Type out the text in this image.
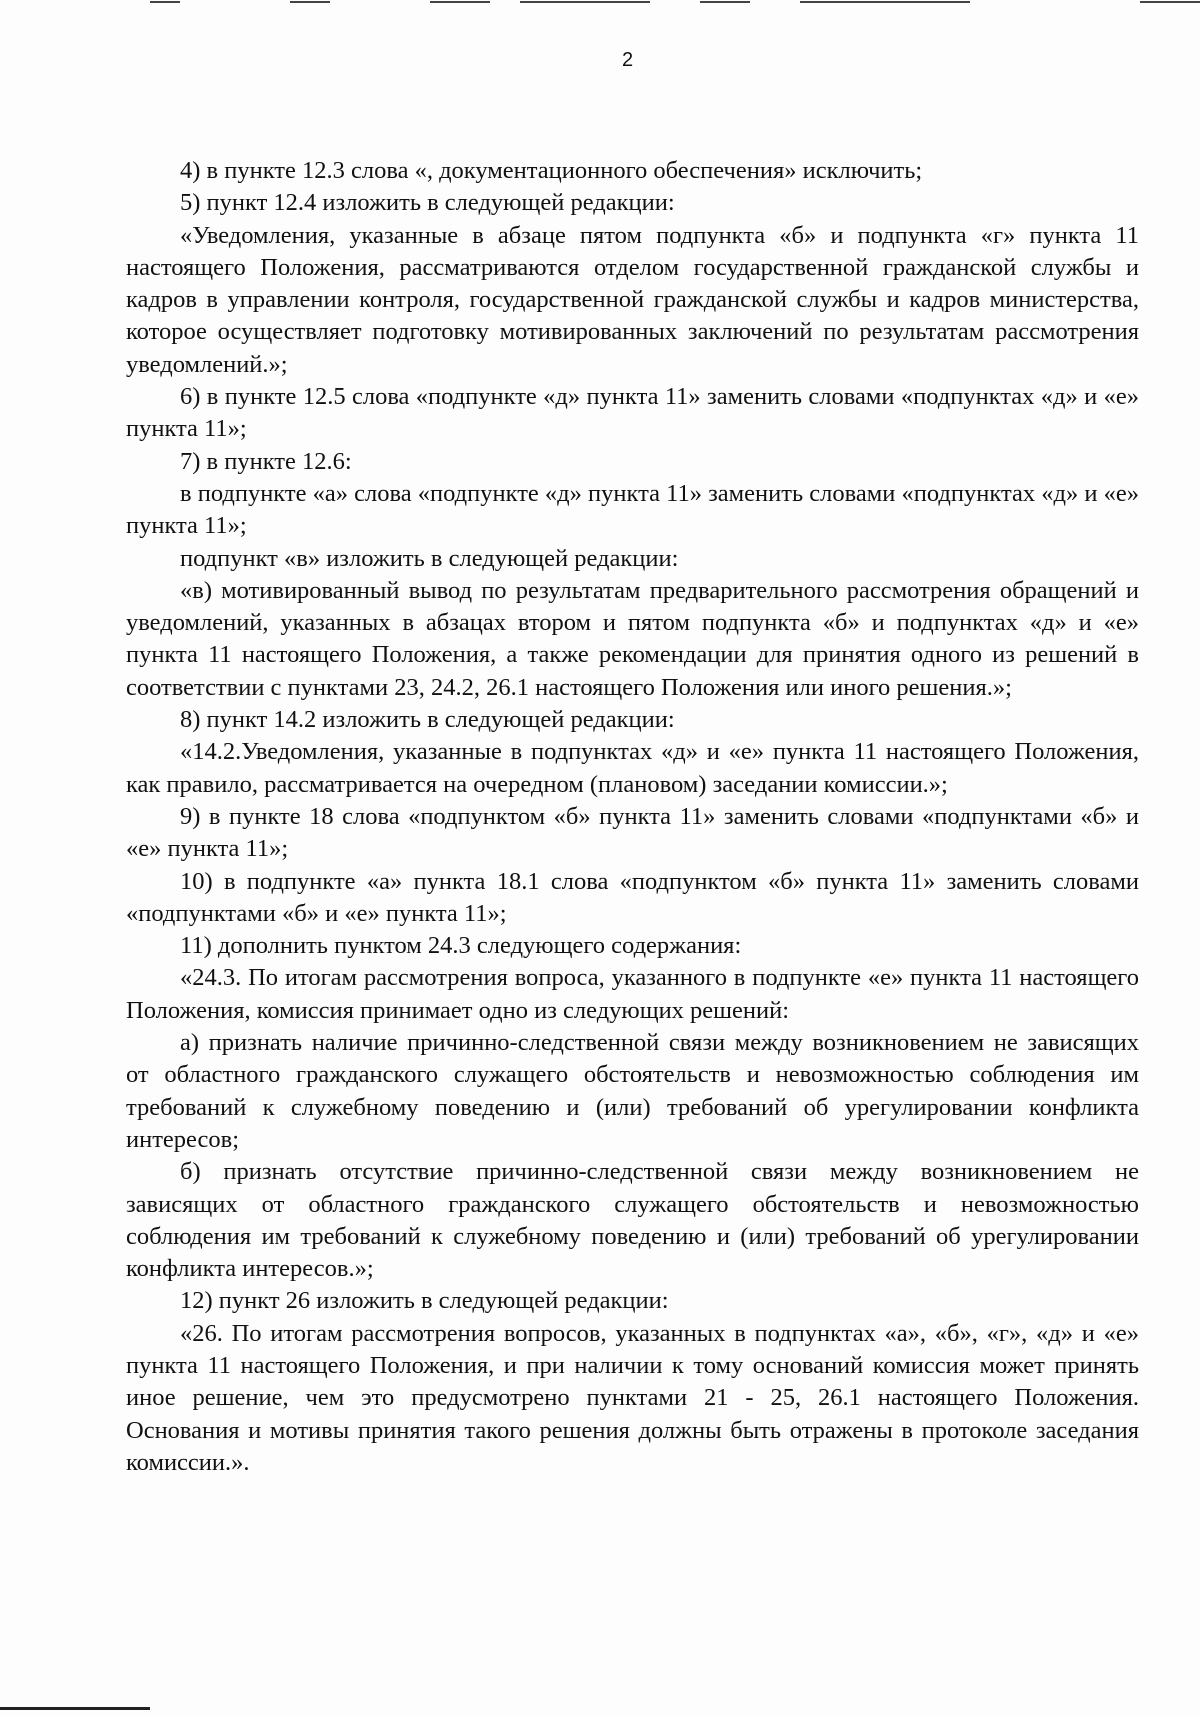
2

4) в пункте 12.3 слова «, документационного обеспечения» исключить;

5) пункт 12.4 изложить в следующей редакции:

«Уведомления, указанные в абзаце пятом подпункта «б» и подпункта «г» пункта 11 настоящего Положения, рассматриваются отделом государственной гражданской службы и кадров в управлении контроля, государственной гражданской службы и кадров министерства, которое осуществляет подготовку мотивированных заключений по результатам рассмотрения уведомлений.»;

6) в пункте 12.5 слова «подпункте «д» пункта 11» заменить словами «подпунктах «д» и «е» пункта 11»;

7) в пункте 12.6:

в подпункте «а» слова «подпункте «д» пункта 11» заменить словами «подпунктах «д» и «е» пункта 11»;

подпункт «в» изложить в следующей редакции:

«в) мотивированный вывод по результатам предварительного рассмотрения обращений и уведомлений, указанных в абзацах втором и пятом подпункта «б» и подпунктах «д» и «е» пункта 11 настоящего Положения, а также рекомендации для принятия одного из решений в соответствии с пунктами 23, 24.2, 26.1 настоящего Положения или иного решения.»;

8) пункт 14.2 изложить в следующей редакции:

«14.2.Уведомления, указанные в подпунктах «д» и «е» пункта 11 настоящего Положения, как правило, рассматривается на очередном (плановом) заседании комиссии.»;

9) в пункте 18 слова «подпунктом «б» пункта 11» заменить словами «подпунктами «б» и «е» пункта 11»;

10) в подпункте «а» пункта 18.1 слова «подпунктом «б» пункта 11» заменить словами «подпунктами «б» и «е» пункта 11»;

11) дополнить пунктом 24.3 следующего содержания:

«24.3. По итогам рассмотрения вопроса, указанного в подпункте «е» пункта 11 настоящего Положения, комиссия принимает одно из следующих решений:

а) признать наличие причинно-следственной связи между возникновением не зависящих от областного гражданского служащего обстоятельств и невозможностью соблюдения им требований к служебному поведению и (или) требований об урегулировании конфликта интересов;

б) признать отсутствие причинно-следственной связи между возникновением не зависящих от областного гражданского служащего обстоятельств и невозможностью соблюдения им требований к служебному поведению и (или) требований об урегулировании конфликта интересов.»;

12) пункт 26 изложить в следующей редакции:

«26. По итогам рассмотрения вопросов, указанных в подпунктах «а», «б», «г», «д» и «е» пункта 11 настоящего Положения, и при наличии к тому оснований комиссия может принять иное решение, чем это предусмотрено пунктами 21 - 25, 26.1 настоящего Положения. Основания и мотивы принятия такого решения должны быть отражены в протоколе заседания комиссии.».
